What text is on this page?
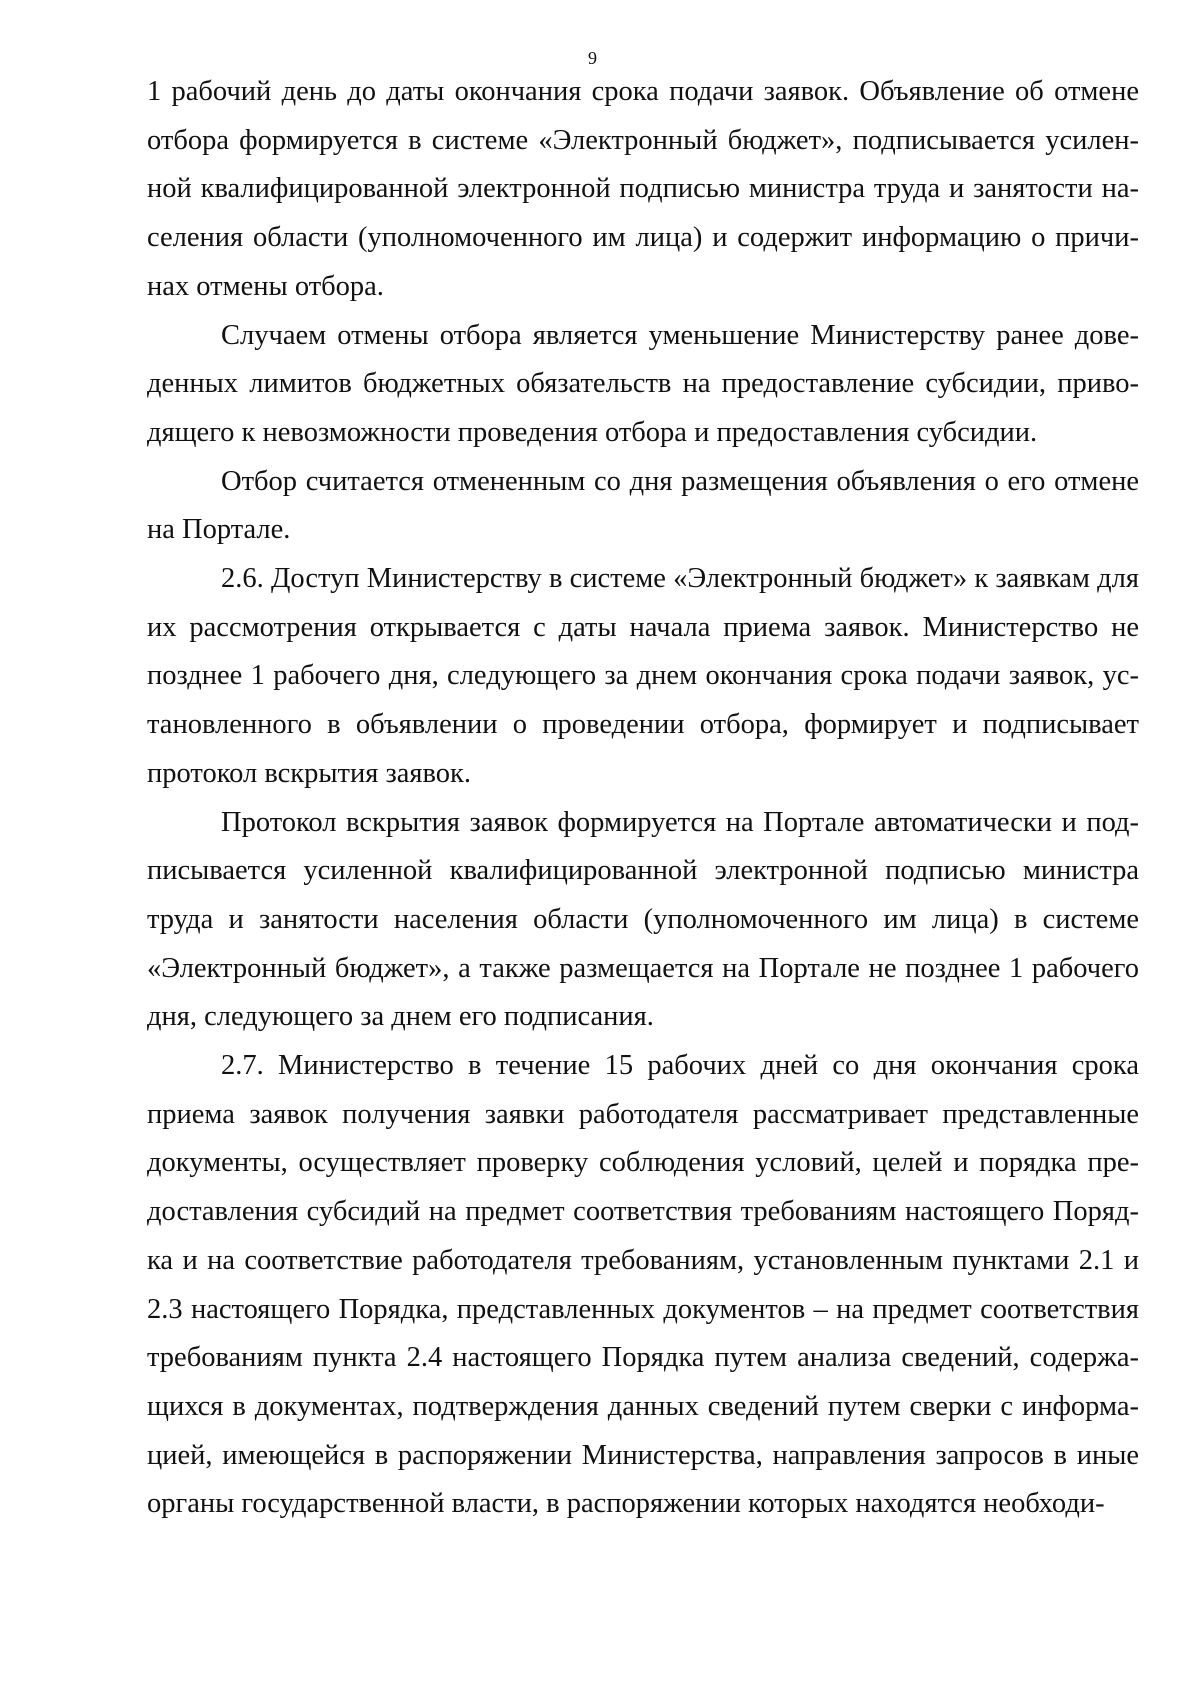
9

1 рабочий день до даты окончания срока подачи заявок. Объявление об отмене отбора формируется в системе «Электронный бюджет», подписывается усиленной квалифицированной электронной подписью министра труда и занятости населения области (уполномоченного им лица) и содержит информацию о причинах отмены отбора.

Случаем отмены отбора является уменьшение Министерству ранее доведенных лимитов бюджетных обязательств на предоставление субсидии, приводящего к невозможности проведения отбора и предоставления субсидии.

Отбор считается отмененным со дня размещения объявления о его отмене на Портале.

2.6. Доступ Министерству в системе «Электронный бюджет» к заявкам для их рассмотрения открывается с даты начала приема заявок. Министерство не позднее 1 рабочего дня, следующего за днем окончания срока подачи заявок, установленного в объявлении о проведении отбора, формирует и подписывает протокол вскрытия заявок.

Протокол вскрытия заявок формируется на Портале автоматически и подписывается усиленной квалифицированной электронной подписью министра труда и занятости населения области (уполномоченного им лица) в системе «Электронный бюджет», а также размещается на Портале не позднее 1 рабочего дня, следующего за днем его подписания.

2.7. Министерство в течение 15 рабочих дней со дня окончания срока приема заявок получения заявки работодателя рассматривает представленные документы, осуществляет проверку соблюдения условий, целей и порядка предоставления субсидий на предмет соответствия требованиям настоящего Порядка и на соответствие работодателя требованиям, установленным пунктами 2.1 и 2.3 настоящего Порядка, представленных документов – на предмет соответствия требованиям пункта 2.4 настоящего Порядка путем анализа сведений, содержащихся в документах, подтверждения данных сведений путем сверки с информацией, имеющейся в распоряжении Министерства, направления запросов в иные органы государственной власти, в распоряжении которых находятся необходи-
